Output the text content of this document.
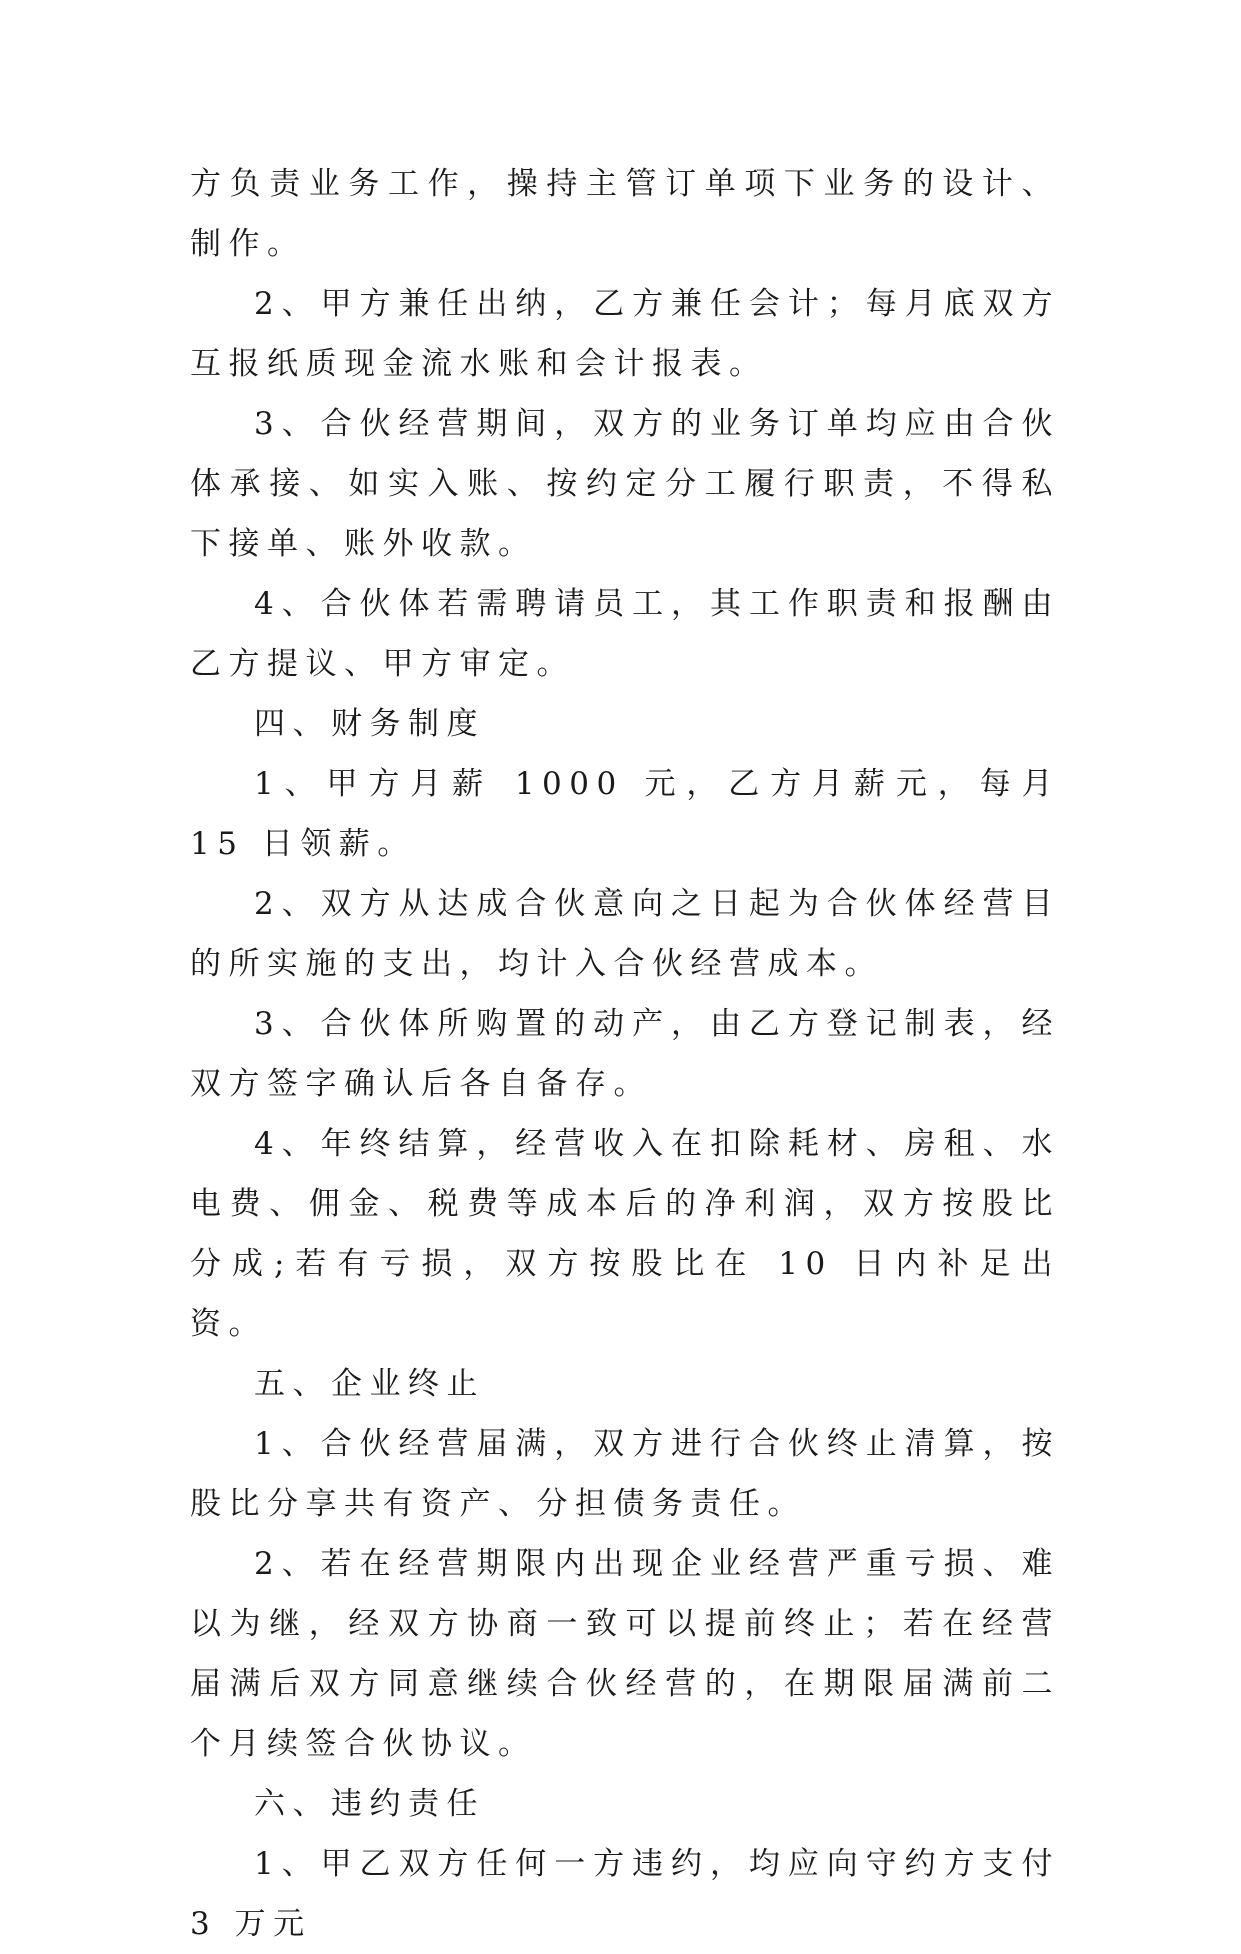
方负责业务工作，操持主管订单项下业务的设计、制作。

2、甲方兼任出纳，乙方兼任会计；每月底双方互报纸质现金流水账和会计报表。

3、合伙经营期间，双方的业务订单均应由合伙体承接、如实入账、按约定分工履行职责，不得私下接单、账外收款。

4、合伙体若需聘请员工，其工作职责和报酬由乙方提议、甲方审定。

四、财务制度

1、甲方月薪 1000 元，乙方月薪元，每月 15 日领薪。

2、双方从达成合伙意向之日起为合伙体经营目的所实施的支出，均计入合伙经营成本。

3、合伙体所购置的动产，由乙方登记制表，经双方签字确认后各自备存。

4、年终结算，经营收入在扣除耗材、房租、水电费、佣金、税费等成本后的净利润，双方按股比分成;若有亏损，双方按股比在 10 日内补足出资。

五、企业终止

1、合伙经营届满，双方进行合伙终止清算，按股比分享共有资产、分担债务责任。

2、若在经营期限内出现企业经营严重亏损、难以为继，经双方协商一致可以提前终止；若在经营届满后双方同意继续合伙经营的，在期限届满前二个月续签合伙协议。

六、违约责任

1、甲乙双方任何一方违约，均应向守约方支付 3 万元
